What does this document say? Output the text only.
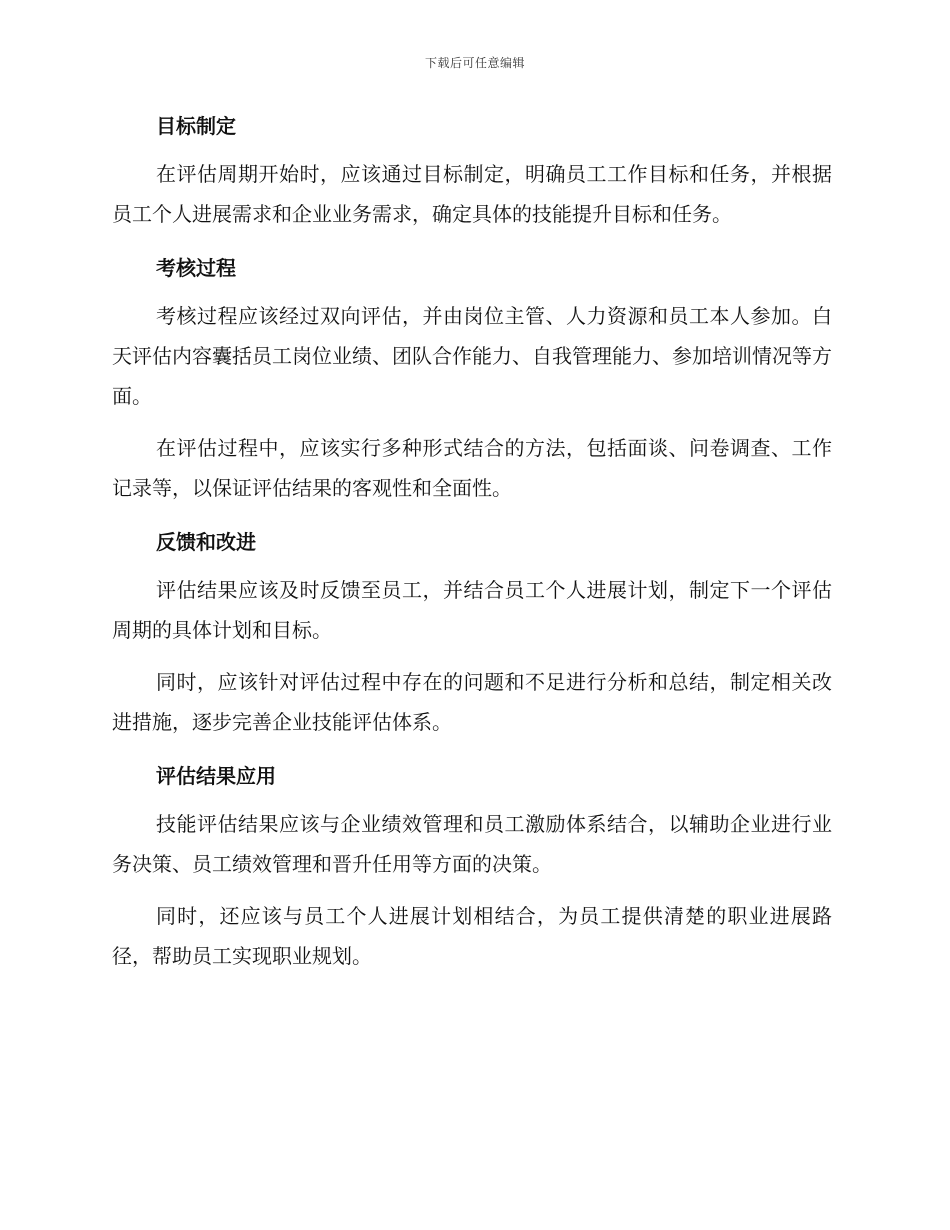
下载后可任意编辑
目标制定

在评估周期开始时，应该通过目标制定，明确员工工作目标和任务，并根据员工个人进展需求和企业业务需求，确定具体的技能提升目标和任务。

考核过程

考核过程应该经过双向评估，并由岗位主管、人力资源和员工本人参加。白天评估内容囊括员工岗位业绩、团队合作能力、自我管理能力、参加培训情况等方面。

在评估过程中，应该实行多种形式结合的方法，包括面谈、问卷调查、工作记录等，以保证评估结果的客观性和全面性。

反馈和改进

评估结果应该及时反馈至员工，并结合员工个人进展计划，制定下一个评估周期的具体计划和目标。

同时，应该针对评估过程中存在的问题和不足进行分析和总结，制定相关改进措施，逐步完善企业技能评估体系。

评估结果应用

技能评估结果应该与企业绩效管理和员工激励体系结合，以辅助企业进行业务决策、员工绩效管理和晋升任用等方面的决策。

同时，还应该与员工个人进展计划相结合，为员工提供清楚的职业进展路径，帮助员工实现职业规划。
